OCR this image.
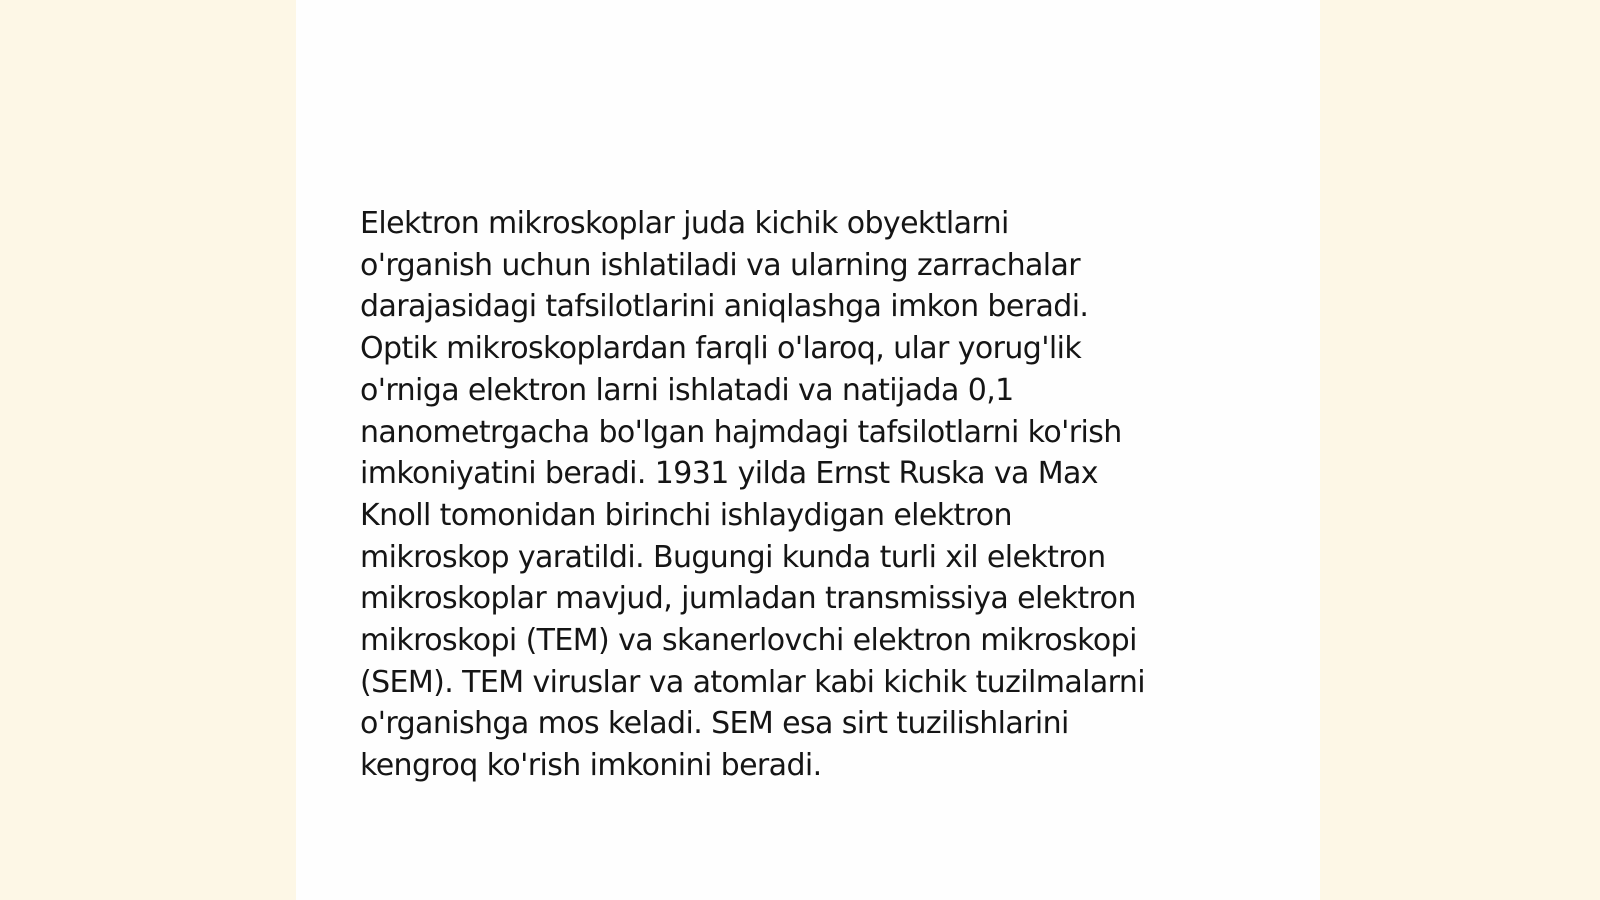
Elektron mikroskoplar juda kichik obyektlarni
o'rganish uchun ishlatiladi va ularning zarrachalar
darajasidagi tafsilotlarini aniqlashga imkon beradi.
Optik mikroskoplardan farqli o'laroq, ular yorug'lik
o'rniga elektron larni ishlatadi va natijada 0,1
nanometrgacha bo'lgan hajmdagi tafsilotlarni ko'rish
imkoniyatini beradi. 1931 yilda Ernst Ruska va Max
Knoll tomonidan birinchi ishlaydigan elektron
mikroskop yaratildi. Bugungi kunda turli xil elektron
mikroskoplar mavjud, jumladan transmissiya elektron
mikroskopi (TEM) va skanerlovchi elektron mikroskopi
(SEM). TEM viruslar va atomlar kabi kichik tuzilmalarni
o'rganishga mos keladi. SEM esa sirt tuzilishlarini
kengroq ko'rish imkonini beradi.
